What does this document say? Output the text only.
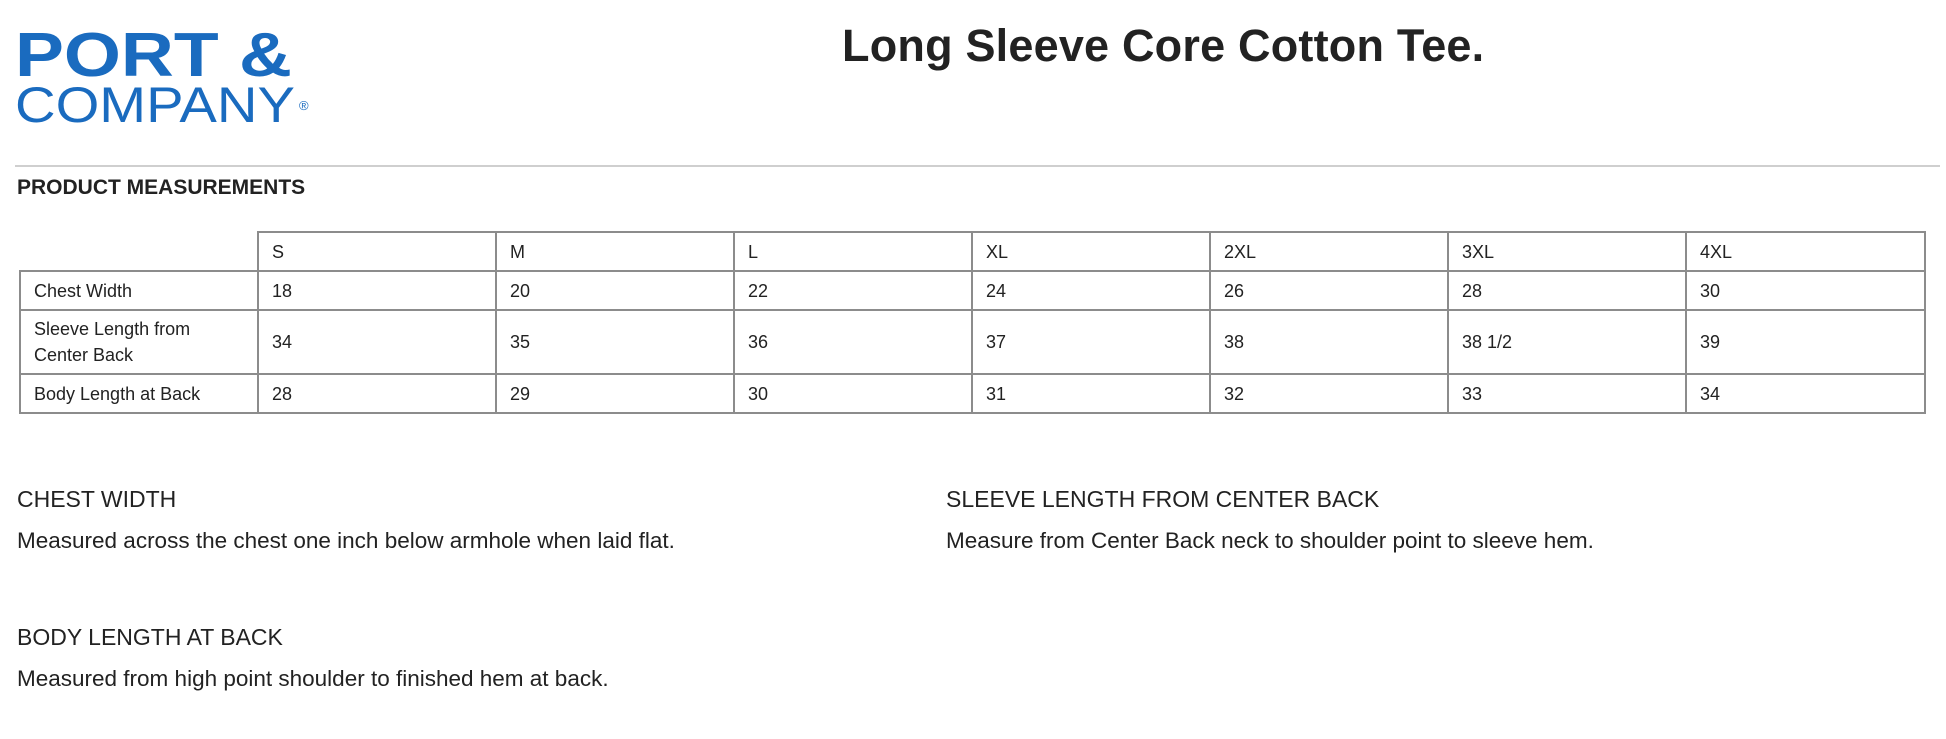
PORT &
COMPANY ®
Long Sleeve Core Cotton Tee.
PRODUCT MEASUREMENTS
	S	M	L	XL	2XL	3XL	4XL
Chest Width	18	20	22	24	26	28	30
Sleeve Length from Center Back	34	35	36	37	38	38 1/2	39
Body Length at Back	28	29	30	31	32	33	34
CHEST WIDTH
Measured across the chest one inch below armhole when laid flat.
SLEEVE LENGTH FROM CENTER BACK
Measure from Center Back neck to shoulder point to sleeve hem.
BODY LENGTH AT BACK
Measured from high point shoulder to finished hem at back.
